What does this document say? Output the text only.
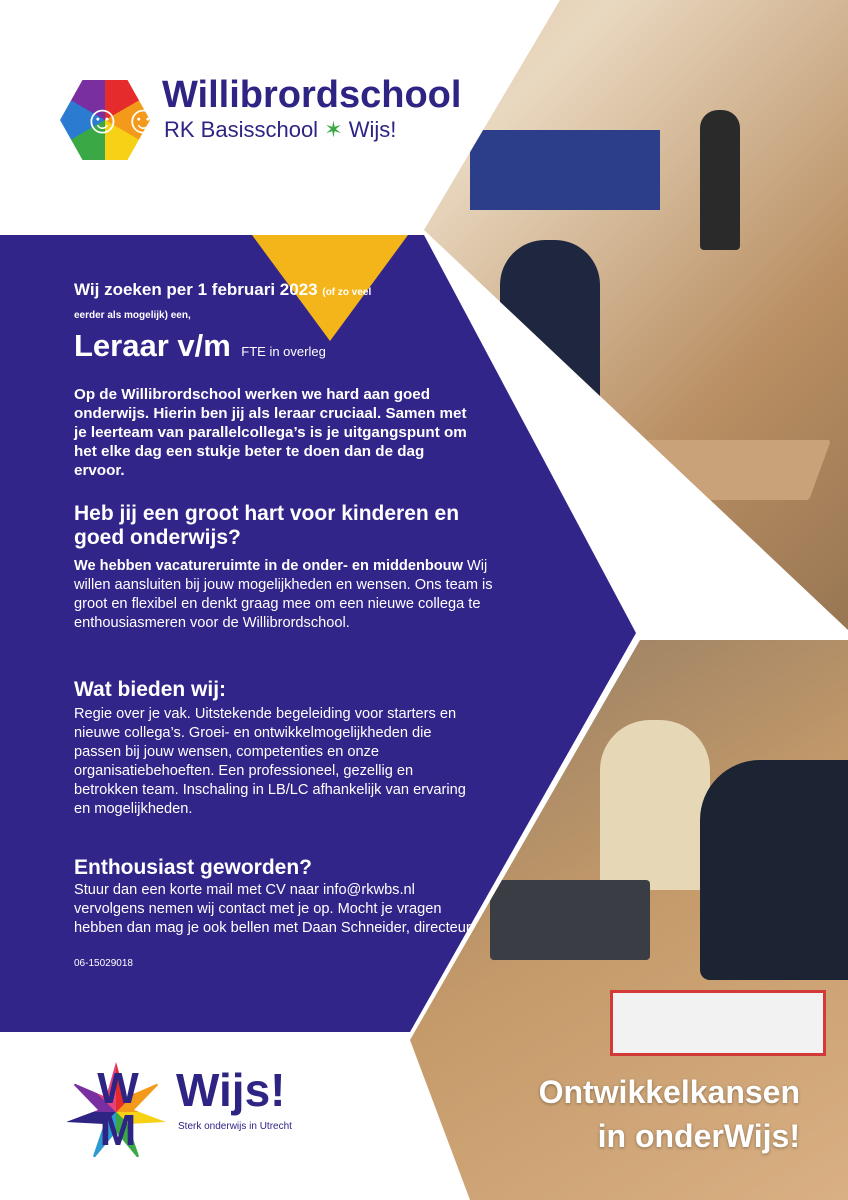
☺☺
Willibrordschool
RK Basisschool ✶ Wijs!
Wij zoeken per 1 februari 2023 (of zo veel
eerder als mogelijk) een,
Leraar v/m FTE in overleg
Op de Willibrordschool werken we hard aan goed onderwijs. Hierin ben jij als leraar cruciaal. Samen met je leerteam van parallelcollega’s is je uitgangspunt om het elke dag een stukje beter te doen dan de dag ervoor.
Heb jij een groot hart voor kinderen en goed onderwijs?
We hebben vacatureruimte in de onder- en middenbouw Wij willen aansluiten bij jouw mogelijkheden en wensen. Ons team is groot en flexibel en denkt graag mee om een nieuwe collega te enthousiasmeren voor de Willibrordschool.
Wat bieden wij:
Regie over je vak. Uitstekende begeleiding voor starters en nieuwe collega’s. Groei- en ontwikkelmogelijkheden die passen bij jouw wensen, competenties en onze organisatiebehoeften. Een professioneel, gezellig en betrokken team. Inschaling in LB/LC afhankelijk van ervaring en mogelijkheden.
Enthousiast geworden?
Stuur dan een korte mail met CV naar info@rkwbs.nl vervolgens nemen wij contact met je op. Mocht je vragen hebben dan mag je ook bellen met Daan Schneider, directeur
06-15029018
W
M
Wijs!
Sterk onderwijs in Utrecht
Ontwikkelkansen
in onderWijs!
